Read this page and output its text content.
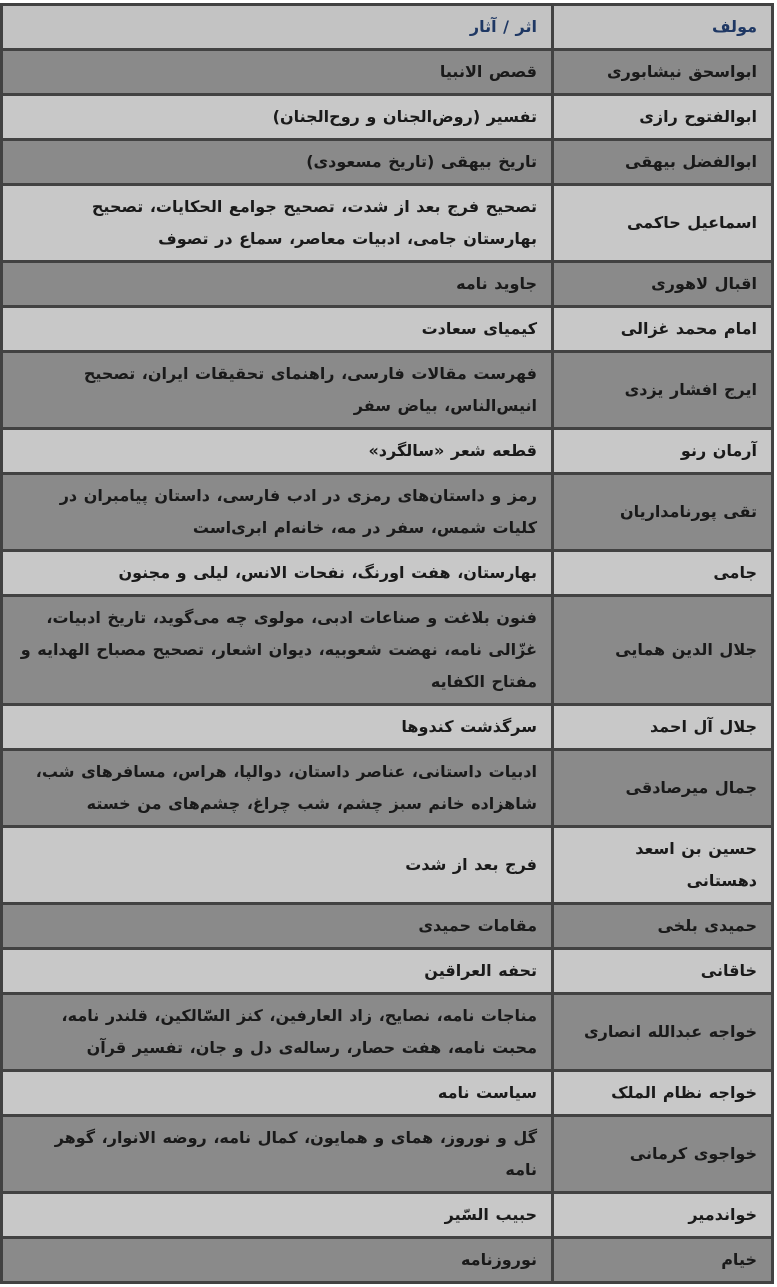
مولف	اثر / آثار
ابواسحق نیشابوری	قصص الانبیا
ابوالفتوح رازی	تفسیر (روض‌الجنان و روح‌الجنان)
ابوالفضل بیهقی	تاریخ بیهقی (تاریخ مسعودی)
اسماعیل حاکمی	تصحیح فرج بعد از شدت، تصحیح جوامع الحکایات، تصحیح بهارستان جامی، ادبیات معاصر، سماع در تصوف
اقبال لاهوری	جاوید نامه
امام محمد غزالی	کیمیای سعادت
ایرج افشار یزدی	فهرست مقالات فارسی، راهنمای تحقیقات ایران، تصحیح انیس‌الناس، بیاض سفر
آرمان رنو	قطعه شعر «سالگرد»
تقی پورنامداریان	رمز و داستان‌های رمزی در ادب فارسی، داستان پیامبران در کلیات شمس، سفر در مه، خانه‌ام ابری‌است
جامی	بهارستان، هفت اورنگ، نفحات الانس، لیلی و مجنون
جلال الدین همایی	فنون بلاغت و صناعات ادبی، مولوی چه می‌گوید، تاریخ ادبیات، غزّالی نامه، نهضت شعوبیه، دیوان اشعار، تصحیح مصباح الهدایه و مفتاح الکفایه
جلال آل احمد	سرگذشت کندوها
جمال میرصادقی	ادبیات داستانی، عناصر داستان، دوالپا، هراس، مسافرهای شب، شاهزاده خانم سبز چشم، شب چراغ، چشم‌های من خسته
حسین بن اسعد دهستانی	فرج بعد از شدت
حمیدی بلخی	مقامات حمیدی
خاقانی	تحفه العراقین
خواجه عبدالله انصاری	مناجات نامه، نصایح، زاد العارفین، کنز السّالکین، قلندر نامه، محبت نامه، هفت حصار، رساله‌ی دل و جان، تفسیر قرآن
خواجه نظام الملک	سیاست نامه
خواجوی کرمانی	گل و نوروز، همای و همایون، کمال نامه، روضه الانوار، گوهر نامه
خواندمیر	حبیب السّیر
خیام	نوروزنامه
